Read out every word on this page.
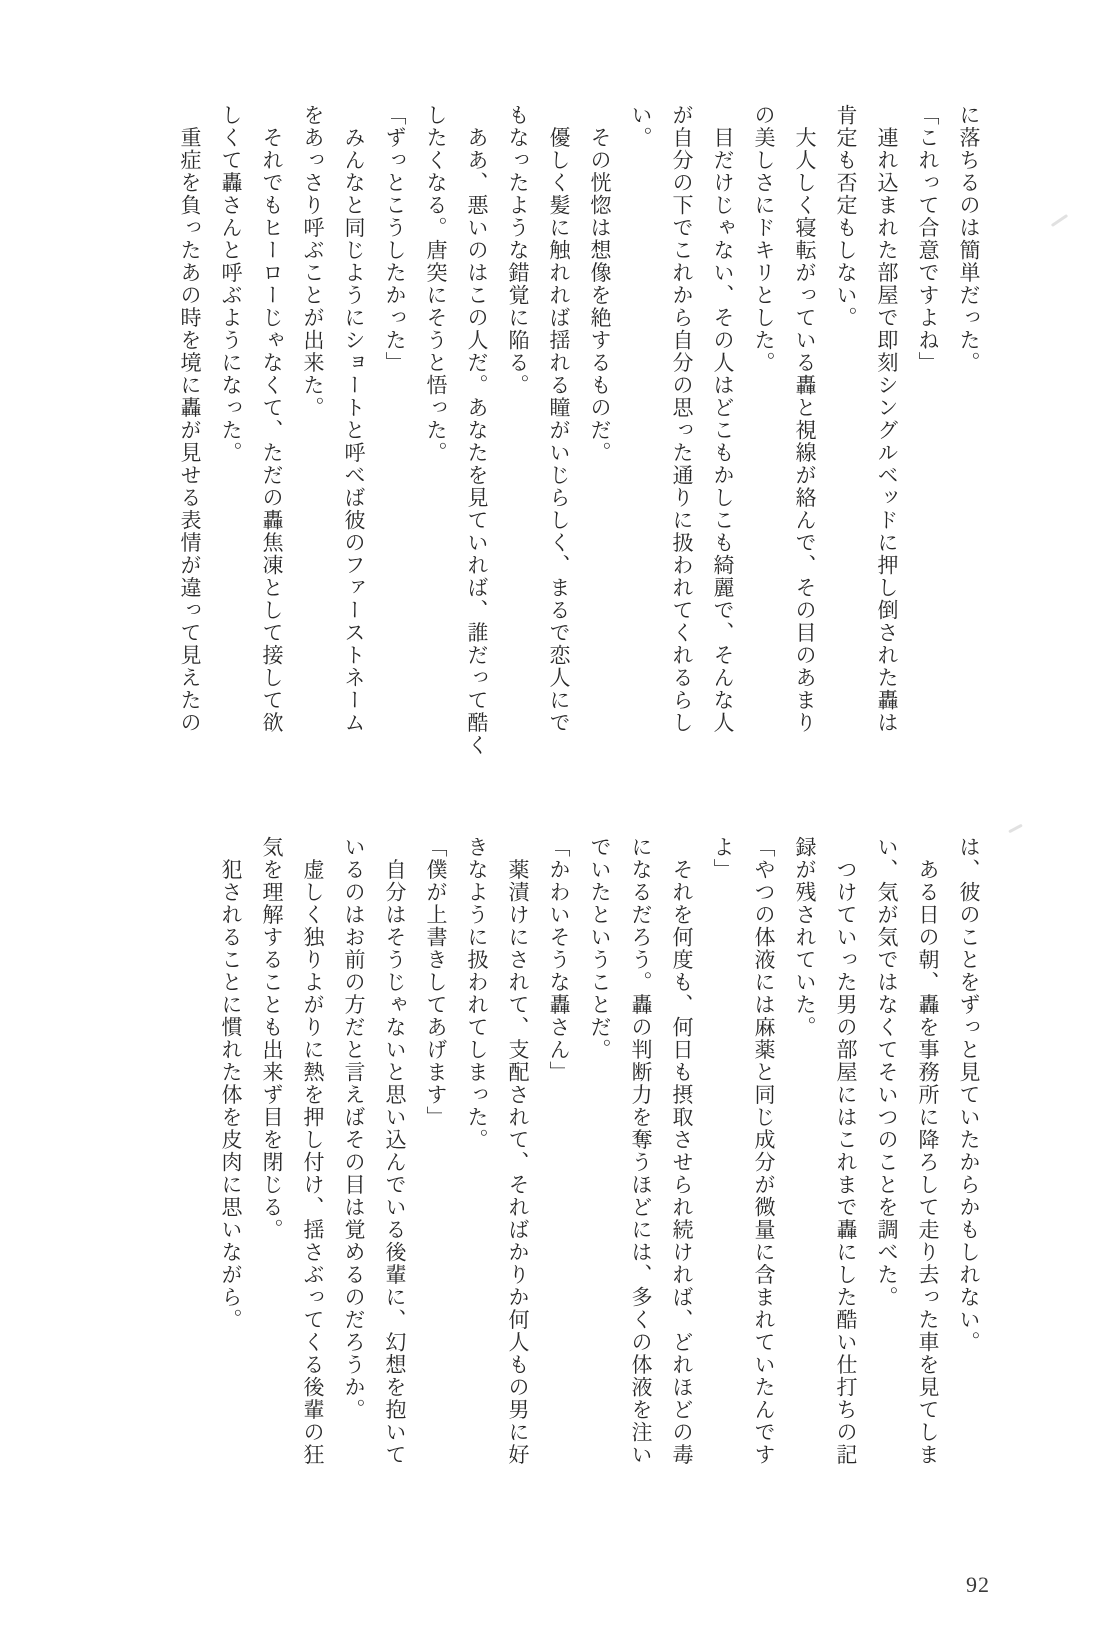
に落ちるのは簡単だった。

「これって合意ですよね」

　連れ込まれた部屋で即刻シングルベッドに押し倒された轟は

肯定も否定もしない。

　大人しく寝転がっている轟と視線が絡んで、その目のあまり

の美しさにドキリとした。

　目だけじゃない、その人はどこもかしこも綺麗で、そんな人

が自分の下でこれから自分の思った通りに扱われてくれるらし

い。

　その恍惚は想像を絶するものだ。

　優しく髪に触れれば揺れる瞳がいじらしく、まるで恋人にで

もなったような錯覚に陥る。

　ああ、悪いのはこの人だ。あなたを見ていれば、誰だって酷く

したくなる。唐突にそうと悟った。

「ずっとこうしたかった」

　みんなと同じようにショートと呼べば彼のファーストネーム

をあっさり呼ぶことが出来た。

　それでもヒーローじゃなくて、ただの轟焦凍として接して欲

しくて轟さんと呼ぶようになった。

　重症を負ったあの時を境に轟が見せる表情が違って見えたの

は、彼のことをずっと見ていたからかもしれない。

　ある日の朝、轟を事務所に降ろして走り去った車を見てしま

い、気が気ではなくてそいつのことを調べた。

　つけていった男の部屋にはこれまで轟にした酷い仕打ちの記

録が残されていた。

「やつの体液には麻薬と同じ成分が微量に含まれていたんです

よ」

　それを何度も、何日も摂取させられ続ければ、どれほどの毒

になるだろう。轟の判断力を奪うほどには、多くの体液を注い

でいたということだ。

「かわいそうな轟さん」

　薬漬けにされて、支配されて、そればかりか何人もの男に好

きなように扱われてしまった。

「僕が上書きしてあげます」

　自分はそうじゃないと思い込んでいる後輩に、幻想を抱いて

いるのはお前の方だと言えばその目は覚めるのだろうか。

　虚しく独りよがりに熱を押し付け、揺さぶってくる後輩の狂

気を理解することも出来ず目を閉じる。

　犯されることに慣れた体を皮肉に思いながら。

92
